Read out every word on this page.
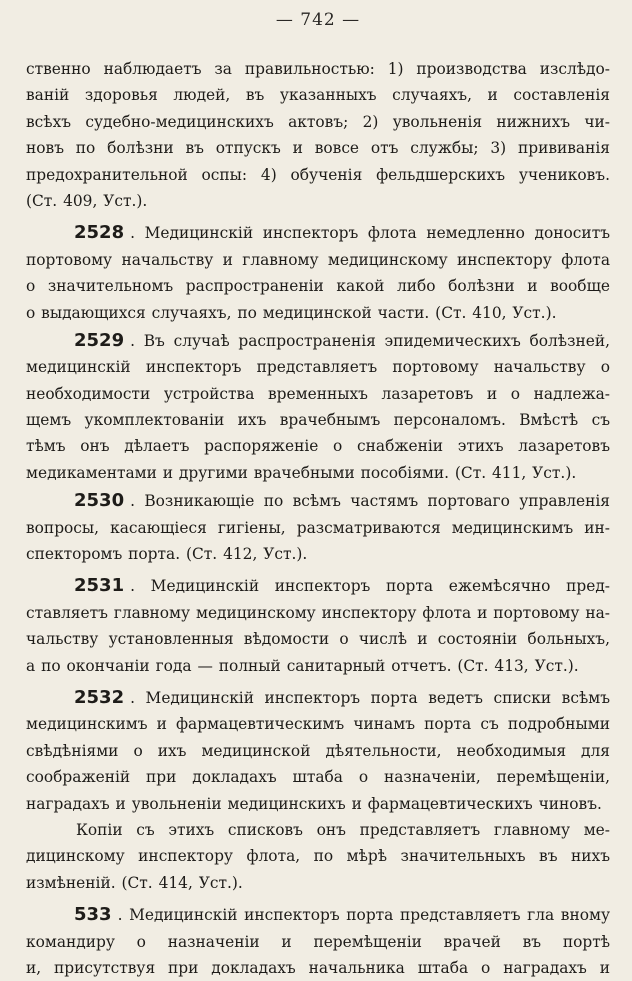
— 742 —
ственно наблюдаетъ за правильностью: 1) производства изслѣдо-
ванiй здоровья людей, въ указанныхъ случаяхъ, и составленiя
всѣхъ судебно-медицинскихъ актовъ; 2) увольненiя нижнихъ чи-
новъ по болѣзни въ отпускъ и вовсе отъ службы; 3) прививанiя
предохранительной оспы: 4) обученiя фельдшерскихъ учениковъ.
(Ст. 409, Уст.).
2528 . Медицинскiй инспекторъ флота немедленно доноситъ
портовому начальству и главному медицинскому инспектору флота
о значительномъ распространенiи какой либо болѣзни и вообще
о выдающихся случаяхъ, по медицинской части. (Ст. 410, Уст.).
2529 . Въ случаѣ распространенiя эпидемическихъ болѣзней,
медицинскiй инспекторъ представляетъ портовому начальству о
необходимости устройства временныхъ лазаретовъ и о надлежа-
щемъ укомплектованiи ихъ врачебнымъ персоналомъ. Вмѣстѣ съ
тѣмъ онъ дѣлаетъ распоряженiе о снабженiи этихъ лазаретовъ
медикаментами и другими врачебными пособiями. (Ст. 411, Уст.).
2530 . Возникающiе по всѣмъ частямъ портоваго управленiя
вопросы, касающiеся гигiены, разсматриваются медицинскимъ ин-
спекторомъ порта. (Ст. 412, Уст.).
2531 . Медицинскiй инспекторъ порта ежемѣсячно пред-
ставляетъ главному медицинскому инспектору флота и портовому на-
чальству установленныя вѣдомости о числѣ и состоянiи больныхъ,
а по окончанiи года — полный санитарный отчетъ. (Ст. 413, Уст.).
2532 . Медицинскiй инспекторъ порта ведетъ списки всѣмъ
медицинскимъ и фармацевтическимъ чинамъ порта съ подробными
свѣдѣнiями о ихъ медицинской дѣятельности, необходимыя для
соображенiй при докладахъ штаба о назначенiи, перемѣщенiи,
наградахъ и увольненiи медицинскихъ и фармацевтическихъ чиновъ.
Копiи съ этихъ списковъ онъ представляетъ главному ме-
дицинскому инспектору флота, по мѣрѣ значительныхъ въ нихъ
измѣненiй. (Ст. 414, Уст.).
533 . Медицинскiй инспекторъ порта представляетъ гла вному
командиру о назначенiи и перемѣщенiи врачей въ портѣ
и, присутствуя при докладахъ начальника штаба о наградахъ и
